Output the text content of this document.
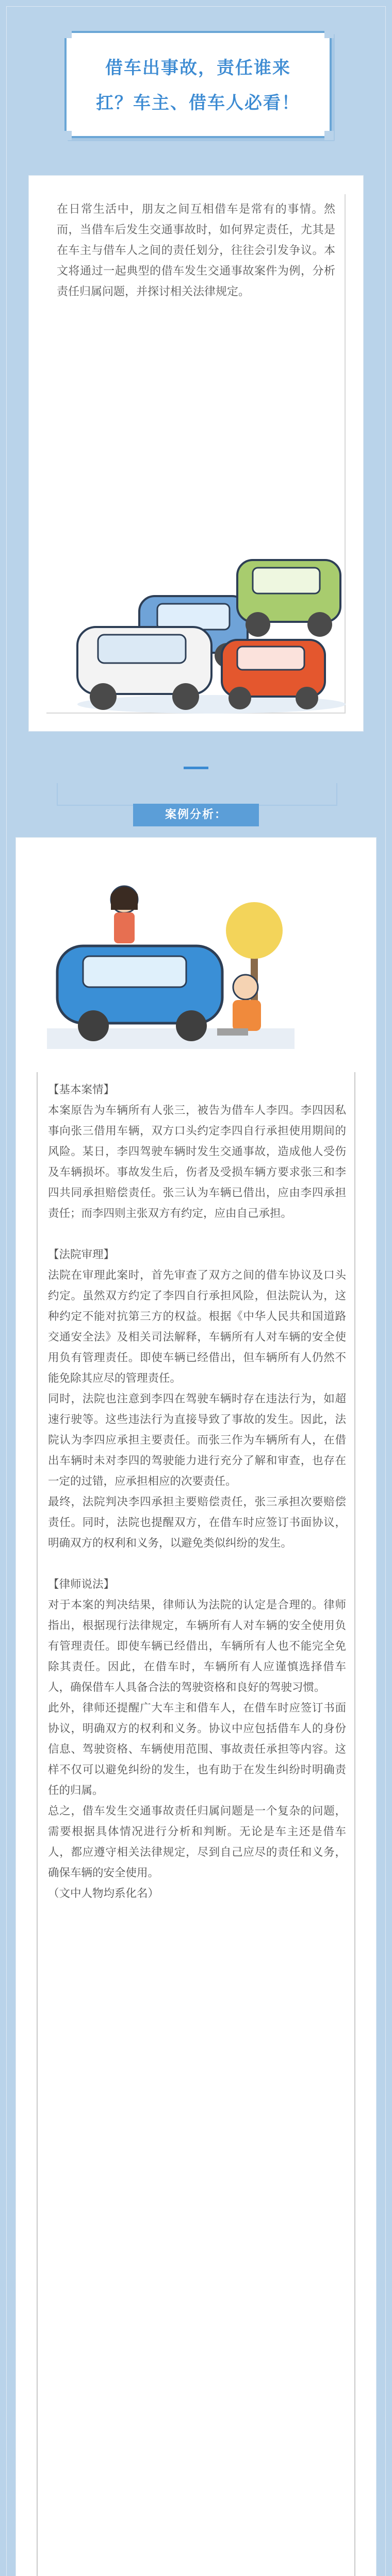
借车出事故，责任谁来
扛？车主、借车人必看！
在日常生活中，朋友之间互相借车是常有的事情。然而，当借车后发生交通事故时，如何界定责任，尤其是在车主与借车人之间的责任划分，往往会引发争议。本文将通过一起典型的借车发生交通事故案件为例，分析责任归属问题，并探讨相关法律规定。
案例分析：

【基本案情】

本案原告为车辆所有人张三，被告为借车人李四。李四因私事向张三借用车辆，双方口头约定李四自行承担使用期间的风险。某日，李四驾驶车辆时发生交通事故，造成他人受伤及车辆损坏。事故发生后，伤者及受损车辆方要求张三和李四共同承担赔偿责任。张三认为车辆已借出，应由李四承担责任；而李四则主张双方有约定，应由自己承担。

【法院审理】

法院在审理此案时，首先审查了双方之间的借车协议及口头约定。虽然双方约定了李四自行承担风险，但法院认为，这种约定不能对抗第三方的权益。根据《中华人民共和国道路交通安全法》及相关司法解释，车辆所有人对车辆的安全使用负有管理责任。即使车辆已经借出，但车辆所有人仍然不能免除其应尽的管理责任。

同时，法院也注意到李四在驾驶车辆时存在违法行为，如超速行驶等。这些违法行为直接导致了事故的发生。因此，法院认为李四应承担主要责任。而张三作为车辆所有人，在借出车辆时未对李四的驾驶能力进行充分了解和审查，也存在一定的过错，应承担相应的次要责任。

最终，法院判决李四承担主要赔偿责任，张三承担次要赔偿责任。同时，法院也提醒双方，在借车时应签订书面协议，明确双方的权利和义务，以避免类似纠纷的发生。

【律师说法】

对于本案的判决结果，律师认为法院的认定是合理的。律师指出，根据现行法律规定，车辆所有人对车辆的安全使用负有管理责任。即使车辆已经借出，车辆所有人也不能完全免除其责任。因此，在借车时，车辆所有人应谨慎选择借车人，确保借车人具备合法的驾驶资格和良好的驾驶习惯。

此外，律师还提醒广大车主和借车人，在借车时应签订书面协议，明确双方的权利和义务。协议中应包括借车人的身份信息、驾驶资格、车辆使用范围、事故责任承担等内容。这样不仅可以避免纠纷的发生，也有助于在发生纠纷时明确责任的归属。

总之，借车发生交通事故责任归属问题是一个复杂的问题，需要根据具体情况进行分析和判断。无论是车主还是借车人，都应遵守相关法律规定，尽到自己应尽的责任和义务，确保车辆的安全使用。

（文中人物均系化名）
